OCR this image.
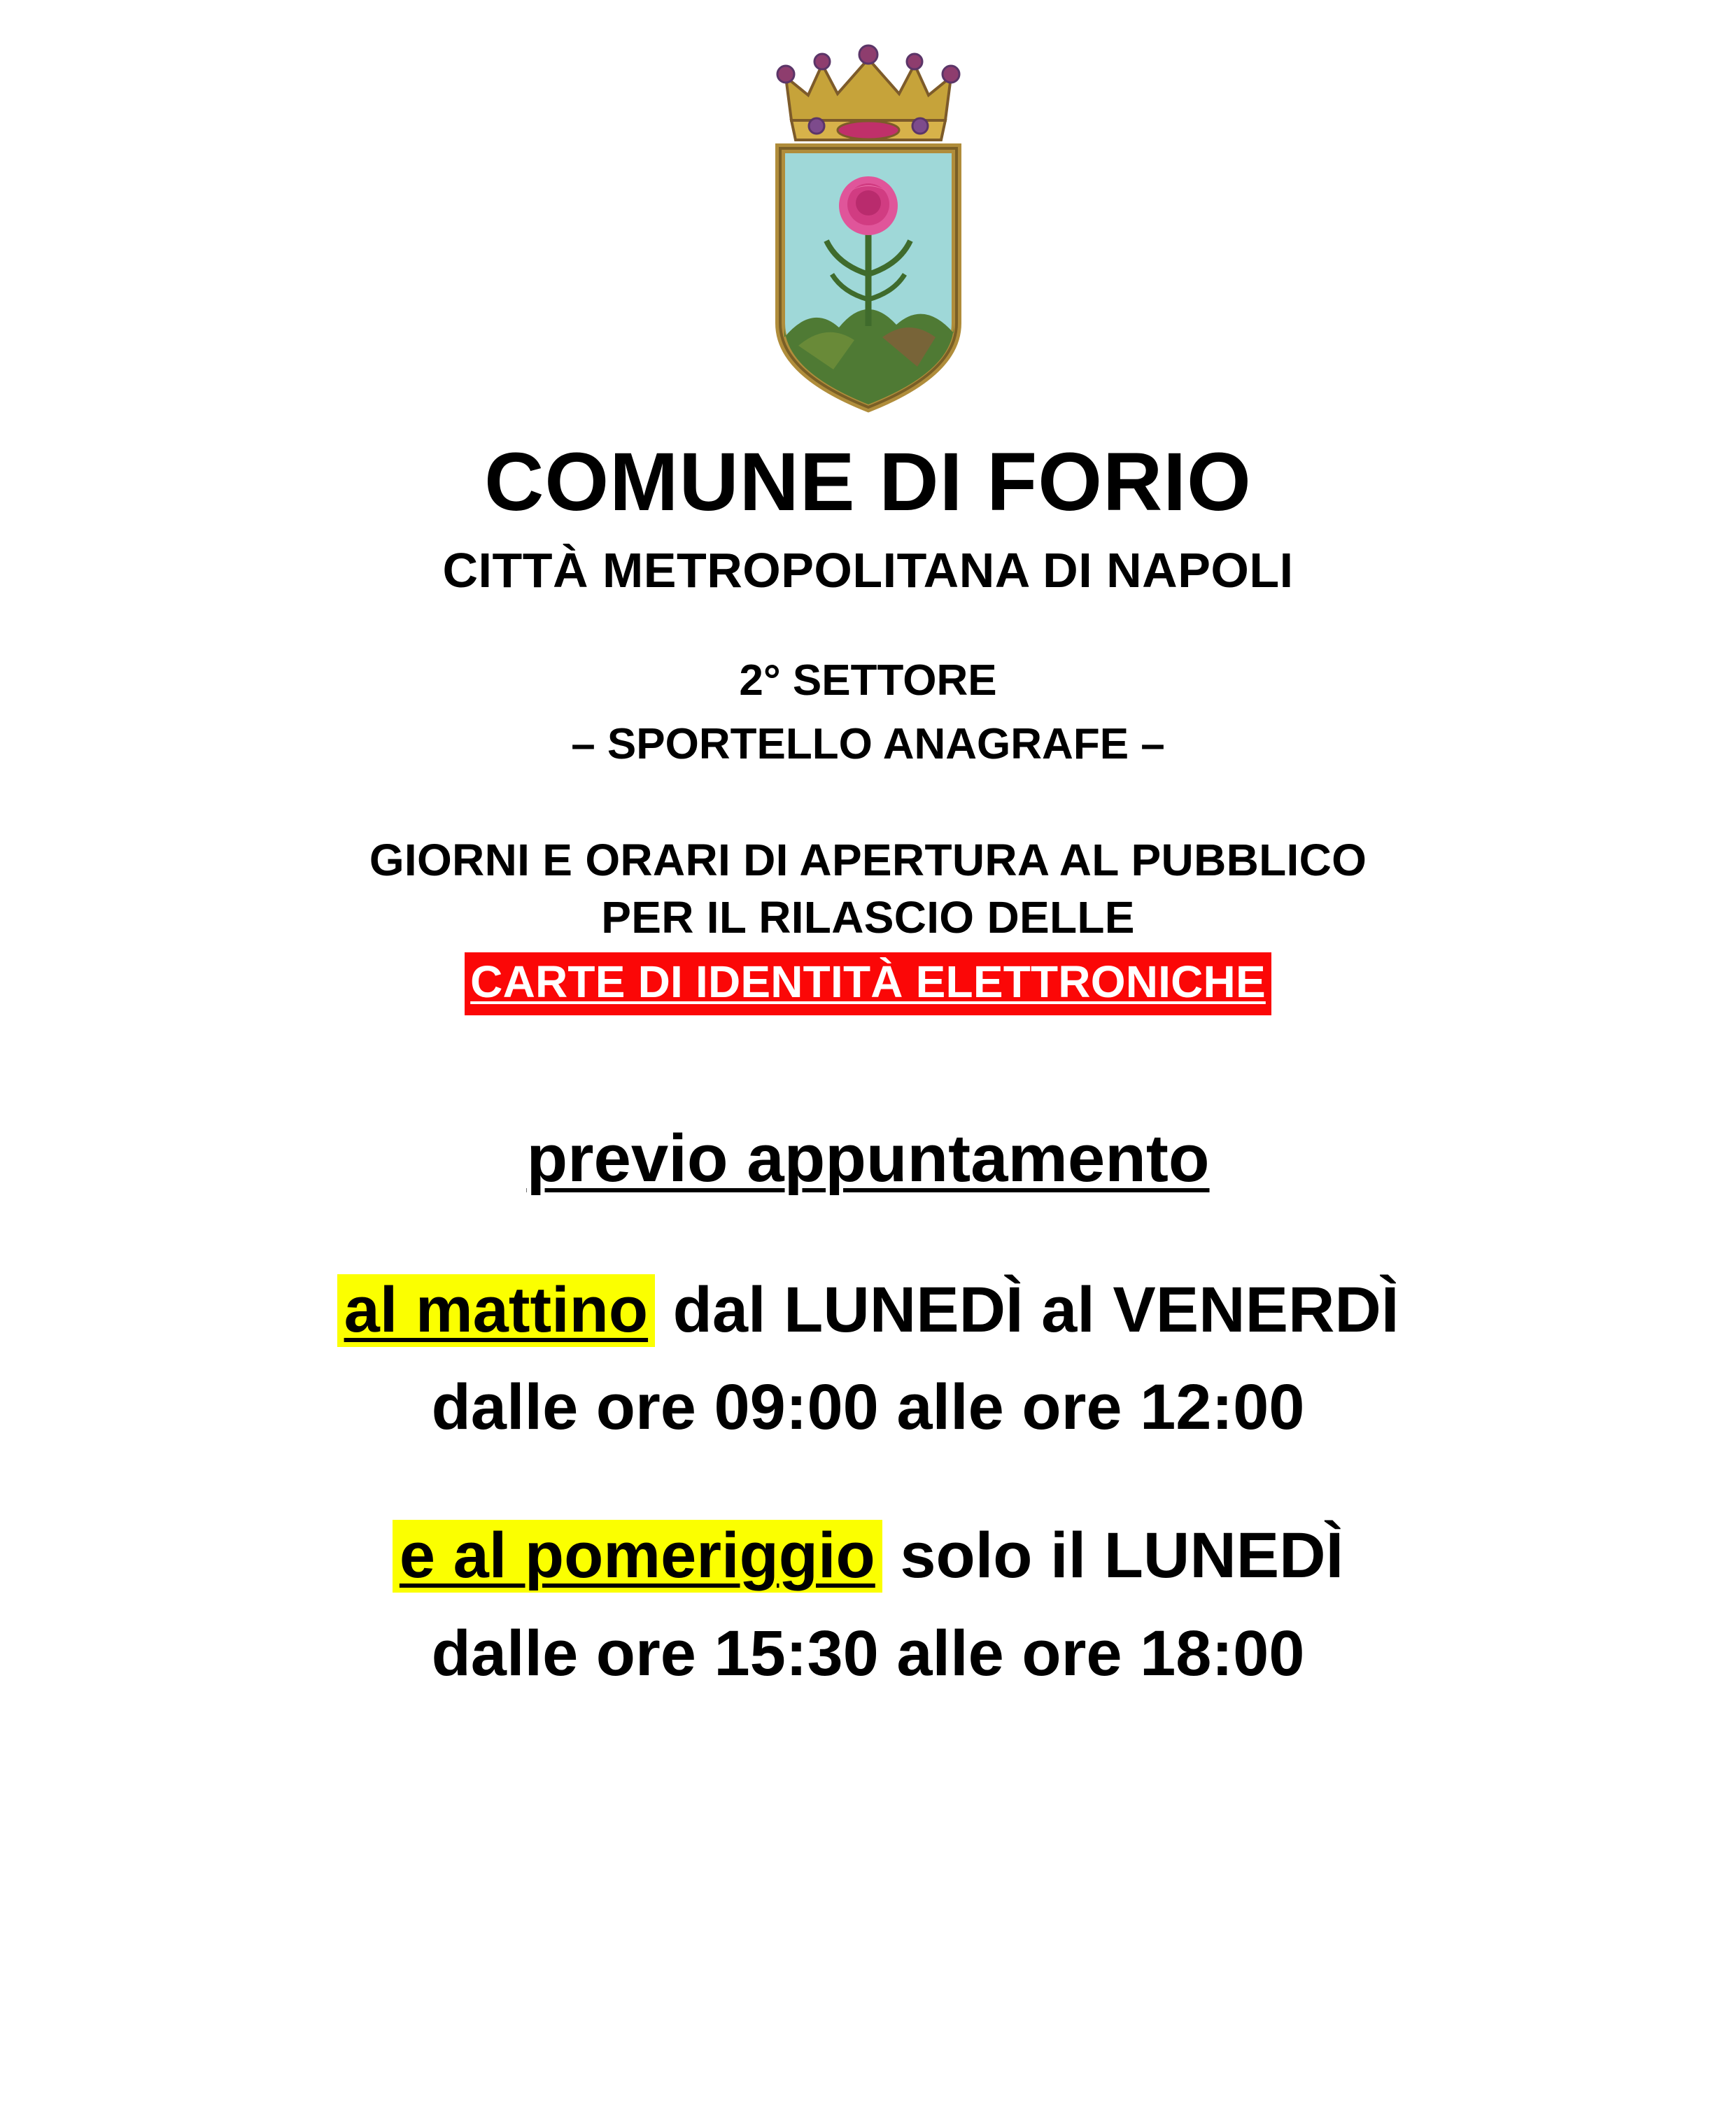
COMUNE DI FORIO
CITTÀ METROPOLITANA DI NAPOLI
2° SETTORE
– SPORTELLO ANAGRAFE –
GIORNI E ORARI DI APERTURA AL PUBBLICO
PER IL RILASCIO DELLE
CARTE DI IDENTITÀ ELETTRONICHE
previo appuntamento
al mattino dal LUNEDÌ al VENERDÌ
dalle ore 09:00 alle ore 12:00
e al pomeriggio solo il LUNEDÌ
dalle ore 15:30 alle ore 18:00
